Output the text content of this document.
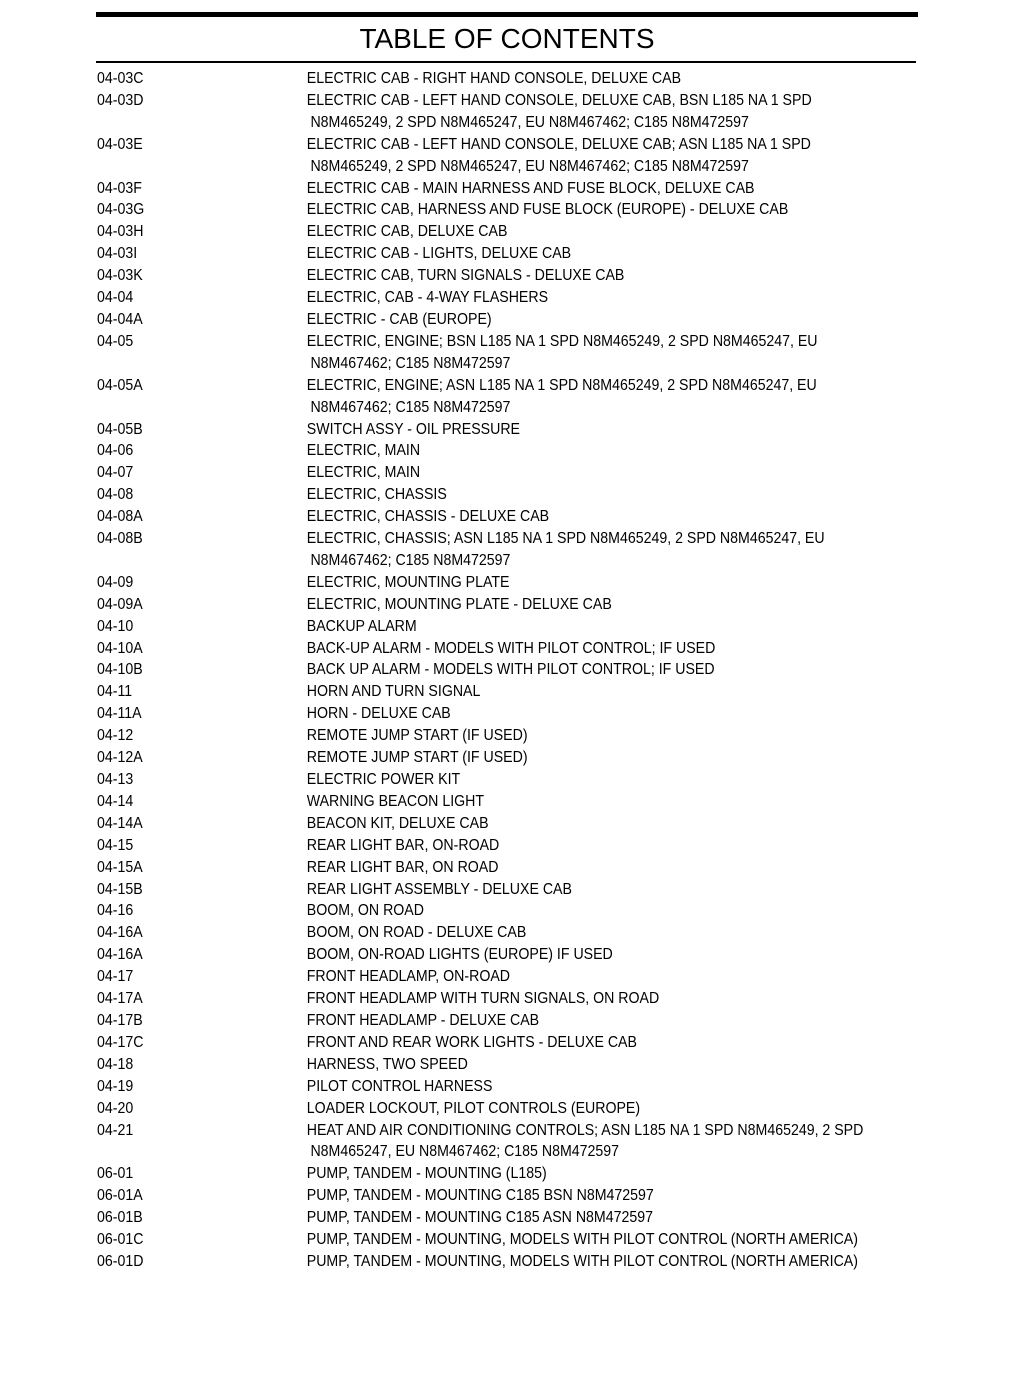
TABLE OF CONTENTS
04-03C	ELECTRIC CAB - RIGHT HAND CONSOLE, DELUXE CAB
04-03D	ELECTRIC CAB - LEFT HAND CONSOLE, DELUXE CAB, BSN L185 NA 1 SPD
N8M465249, 2 SPD N8M465247, EU N8M467462; C185 N8M472597
04-03E	ELECTRIC CAB - LEFT HAND CONSOLE, DELUXE CAB; ASN L185 NA 1 SPD
N8M465249, 2 SPD N8M465247, EU N8M467462; C185 N8M472597
04-03F	ELECTRIC CAB - MAIN HARNESS AND FUSE BLOCK, DELUXE CAB
04-03G	ELECTRIC CAB, HARNESS AND FUSE BLOCK (EUROPE) - DELUXE CAB
04-03H	ELECTRIC CAB, DELUXE CAB
04-03I	ELECTRIC CAB - LIGHTS, DELUXE CAB
04-03K	ELECTRIC CAB, TURN SIGNALS - DELUXE CAB
04-04	ELECTRIC, CAB - 4-WAY FLASHERS
04-04A	ELECTRIC - CAB (EUROPE)
04-05	ELECTRIC, ENGINE; BSN L185 NA 1 SPD N8M465249, 2 SPD N8M465247, EU
N8M467462; C185 N8M472597
04-05A	ELECTRIC, ENGINE; ASN L185 NA 1 SPD N8M465249, 2 SPD N8M465247, EU
N8M467462; C185 N8M472597
04-05B	SWITCH ASSY - OIL PRESSURE
04-06	ELECTRIC, MAIN
04-07	ELECTRIC, MAIN
04-08	ELECTRIC, CHASSIS
04-08A	ELECTRIC, CHASSIS - DELUXE CAB
04-08B	ELECTRIC, CHASSIS; ASN L185 NA 1 SPD N8M465249, 2 SPD N8M465247, EU
N8M467462; C185 N8M472597
04-09	ELECTRIC, MOUNTING PLATE
04-09A	ELECTRIC, MOUNTING PLATE - DELUXE CAB
04-10	BACKUP ALARM
04-10A	BACK-UP ALARM - MODELS WITH PILOT CONTROL; IF USED
04-10B	BACK UP ALARM - MODELS WITH PILOT CONTROL; IF USED
04-11	HORN AND TURN SIGNAL
04-11A	HORN - DELUXE CAB
04-12	REMOTE JUMP START (IF USED)
04-12A	REMOTE JUMP START (IF USED)
04-13	ELECTRIC POWER KIT
04-14	WARNING BEACON LIGHT
04-14A	BEACON KIT, DELUXE CAB
04-15	REAR LIGHT BAR, ON-ROAD
04-15A	REAR LIGHT BAR, ON ROAD
04-15B	REAR LIGHT ASSEMBLY - DELUXE CAB
04-16	BOOM, ON ROAD
04-16A	BOOM, ON ROAD - DELUXE CAB
04-16A	BOOM, ON-ROAD LIGHTS (EUROPE) IF USED
04-17	FRONT HEADLAMP, ON-ROAD
04-17A	FRONT HEADLAMP WITH TURN SIGNALS, ON ROAD
04-17B	FRONT HEADLAMP - DELUXE CAB
04-17C	FRONT AND REAR WORK LIGHTS - DELUXE CAB
04-18	HARNESS, TWO SPEED
04-19	PILOT CONTROL HARNESS
04-20	LOADER LOCKOUT, PILOT CONTROLS (EUROPE)
04-21	HEAT AND AIR CONDITIONING CONTROLS; ASN L185 NA 1 SPD N8M465249, 2 SPD
N8M465247, EU N8M467462; C185 N8M472597
06-01	PUMP, TANDEM - MOUNTING (L185)
06-01A	PUMP, TANDEM - MOUNTING C185 BSN N8M472597
06-01B	PUMP, TANDEM - MOUNTING C185 ASN N8M472597
06-01C	PUMP, TANDEM - MOUNTING, MODELS WITH PILOT CONTROL (NORTH AMERICA)
06-01D	PUMP, TANDEM - MOUNTING, MODELS WITH PILOT CONTROL (NORTH AMERICA)
